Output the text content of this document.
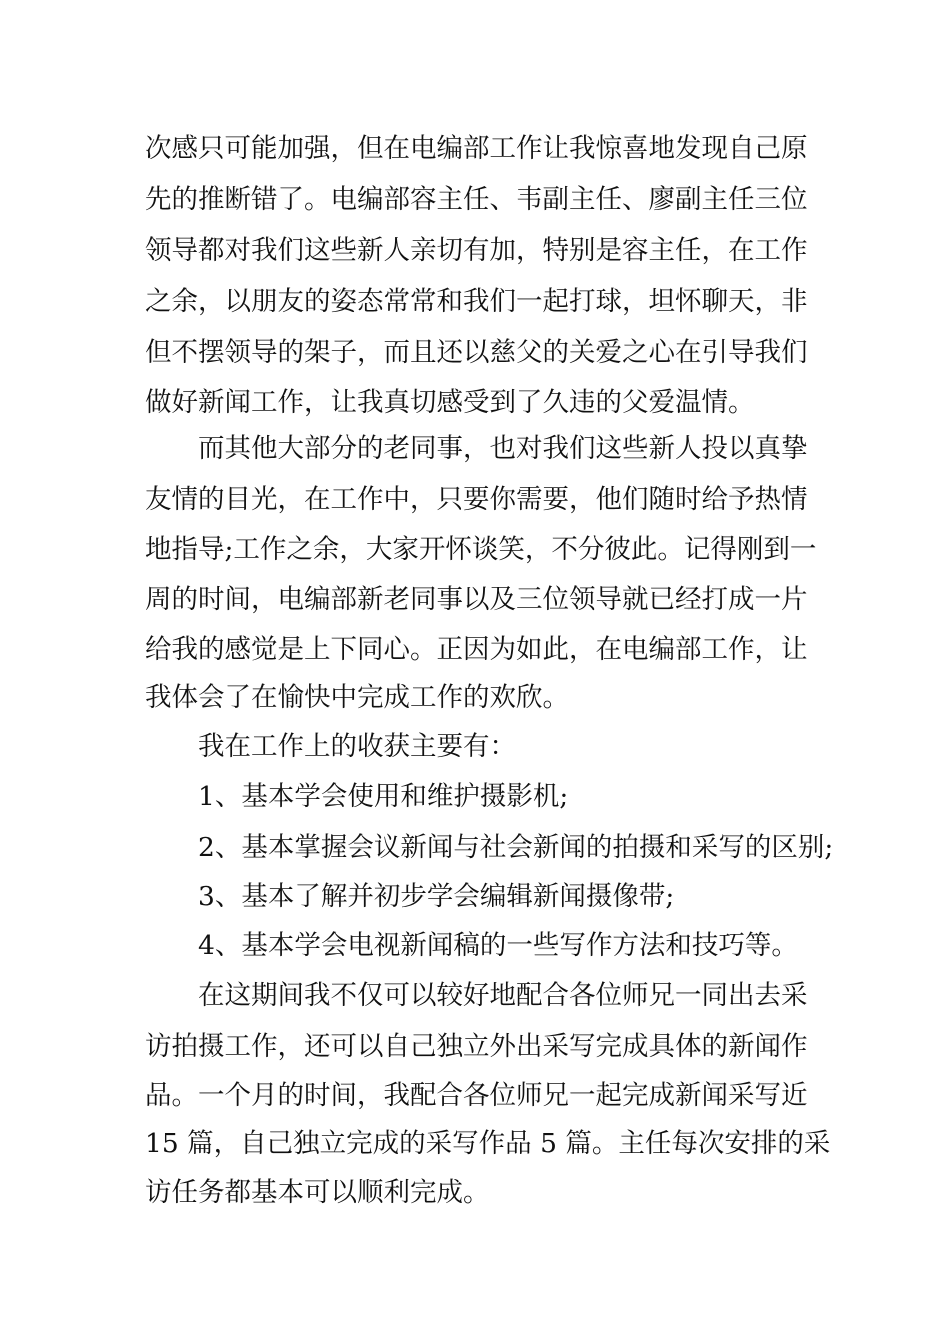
次感只可能加强，但在电编部工作让我惊喜地发现自己原
先的推断错了。电编部容主任、韦副主任、廖副主任三位
领导都对我们这些新人亲切有加，特别是容主任，在工作
之余，以朋友的姿态常常和我们一起打球，坦怀聊天，非
但不摆领导的架子，而且还以慈父的关爱之心在引导我们
做好新闻工作，让我真切感受到了久违的父爱温情。
而其他大部分的老同事，也对我们这些新人投以真挚
友情的目光，在工作中，只要你需要，他们随时给予热情
地指导;工作之余，大家开怀谈笑，不分彼此。记得刚到一
周的时间，电编部新老同事以及三位领导就已经打成一片
给我的感觉是上下同心。正因为如此，在电编部工作，让
我体会了在愉快中完成工作的欢欣。
我在工作上的收获主要有：
1、基本学会使用和维护摄影机;
2、基本掌握会议新闻与社会新闻的拍摄和采写的区别;
3、基本了解并初步学会编辑新闻摄像带;
4、基本学会电视新闻稿的一些写作方法和技巧等。
在这期间我不仅可以较好地配合各位师兄一同出去采
访拍摄工作，还可以自己独立外出采写完成具体的新闻作
品。一个月的时间，我配合各位师兄一起完成新闻采写近
15 篇，自己独立完成的采写作品 5 篇。主任每次安排的采
访任务都基本可以顺利完成。
